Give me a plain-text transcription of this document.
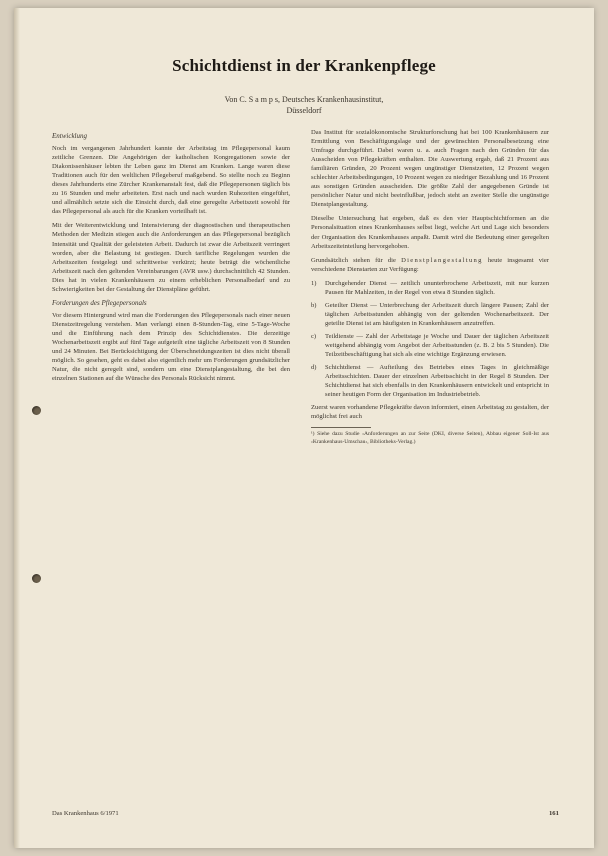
Schichtdienst in der Krankenpflege
Von C. S a m p s, Deutsches Krankenhausinstitut,
Düsseldorf
Entwicklung

Noch im vergangenen Jahrhundert kannte der Arbeitstag im Pflegepersonal kaum zeitliche Grenzen. Die Angehörigen der katholischen Kongregationen sowie der Diakonissenhäuser lebten ihr Leben ganz im Dienst am Kranken. Lange waren diese Traditionen auch für den weltlichen Pflegeberuf maßgebend. So stellte noch zu Beginn dieses Jahrhunderts eine Zürcher Krankenanstalt fest, daß die Pflegepersonen täglich bis zu 16 Stunden und mehr arbeiteten. Erst nach und nach wurden Ruhezeiten eingeführt, und allmählich setzte sich die Einsicht durch, daß eine geregelte Arbeitszeit sowohl für das Pflegepersonal als auch für die Kranken vorteilhaft ist.

Mit der Weiterentwicklung und Intensivierung der diagnostischen und therapeutischen Methoden der Medizin stiegen auch die Anforderungen an das Pflegepersonal bezüglich Intensität und Qualität der geleisteten Arbeit. Dadurch ist zwar die Arbeitszeit verringert worden, aber die Belastung ist gestiegen. Durch tarifliche Regelungen wurden die Arbeitszeiten festgelegt und schrittweise verkürzt; heute beträgt die wöchentliche Arbeitszeit nach den geltenden Vereinbarungen (AVR usw.) durchschnittlich 42 Stunden. Dies hat in vielen Krankenhäusern zu einem erheblichen Personalbedarf und zu Schwierigkeiten bei der Gestaltung der Dienstpläne geführt.

Forderungen des Pflegepersonals

Vor diesem Hintergrund wird man die Forderungen des Pflegepersonals nach einer neuen Dienstzeitregelung verstehen. Man verlangt einen 8-Stunden-Tag, eine 5-Tage-Woche und die Einführung nach dem Prinzip des Schichtdienstes. Die derzeitige Wochenarbeitszeit ergibt auf fünf Tage aufgeteilt eine tägliche Arbeitszeit von 8 Stunden und 24 Minuten. Bei Berücksichtigung der Überschneidungszeiten ist dies nicht überall möglich. So gesehen, geht es dabei also eigentlich mehr um Forderungen grundsätzlicher Natur, die nicht geregelt sind, sondern um eine Dienstplangestaltung, die bei den einzelnen Stationen auf die Wünsche des Personals Rücksicht nimmt.

Das Institut für sozialökonomische Strukturforschung hat bei 100 Krankenhäusern zur Ermittlung von Beschäftigungslage und der gewünschten Personalbesetzung eine Umfrage durchgeführt. Dabei waren u. a. auch Fragen nach den Gründen für das Ausscheiden von Pflegekräften enthalten. Die Auswertung ergab, daß 21 Prozent aus familiären Gründen, 20 Prozent wegen ungünstiger Dienstzeiten, 12 Prozent wegen schlechter Arbeitsbedingungen, 10 Prozent wegen zu niedriger Bezahlung und 16 Prozent aus sonstigen Gründen ausscheiden. Die größte Zahl der angegebenen Gründe ist persönlicher Natur und nicht beeinflußbar, jedoch steht an zweiter Stelle die ungünstige Dienstplangestaltung.

Dieselbe Untersuchung hat ergeben, daß es den vier Hauptschichtformen an die Personalsituation eines Krankenhauses selbst liegt, welche Art und Lage sich besonders der Organisation des Krankenhauses anpaßt. Damit wird die Bedeutung einer geregelten Arbeitszeiteinteilung hervorgehoben.

Grundsätzlich stehen für die Dienstplangestaltung heute insgesamt vier verschiedene Dienstarten zur Verfügung:

1)	Durchgehender Dienst — zeitlich ununterbrochene Arbeitszeit, mit nur kurzen Pausen für Mahlzeiten, in der Regel von etwa 8 Stunden täglich.
b)	Geteilter Dienst — Unterbrechung der Arbeitszeit durch längere Pausen; Zahl der täglichen Arbeitsstunden abhängig von der geltenden Wochenarbeitszeit. Der geteilte Dienst ist am häufigsten in Krankenhäusern anzutreffen.
c)	Teildienste — Zahl der Arbeitstage je Woche und Dauer der täglichen Arbeitszeit weitgehend abhängig vom Angebot der Arbeitsstunden (z. B. 2 bis 5 Stunden). Die Teilzeitbeschäftigung hat sich als eine wichtige Ergänzung erwiesen.
d)	Schichtdienst — Aufteilung des Betriebes eines Tages in gleichmäßige Arbeitsschichten. Dauer der einzelnen Arbeitsschicht in der Regel 8 Stunden. Der Schichtdienst hat sich ebenfalls in den Krankenhäusern entwickelt und entspricht in seiner heutigen Form der Organisation im Industriebetrieb.

Zuerst waren vorhandene Pflegekräfte davon informiert, einen Arbeitstag zu gestalten, der möglichst frei auch

¹) Siehe dazu Studie ›Anforderungen an zur Seite (DKI, diverse Seiten), Abbau eigener Soll-Ist aus ›Krankenhaus-Umschau‹, Bibliotheks-Verlag.)
Das Krankenhaus 6/1971	161
